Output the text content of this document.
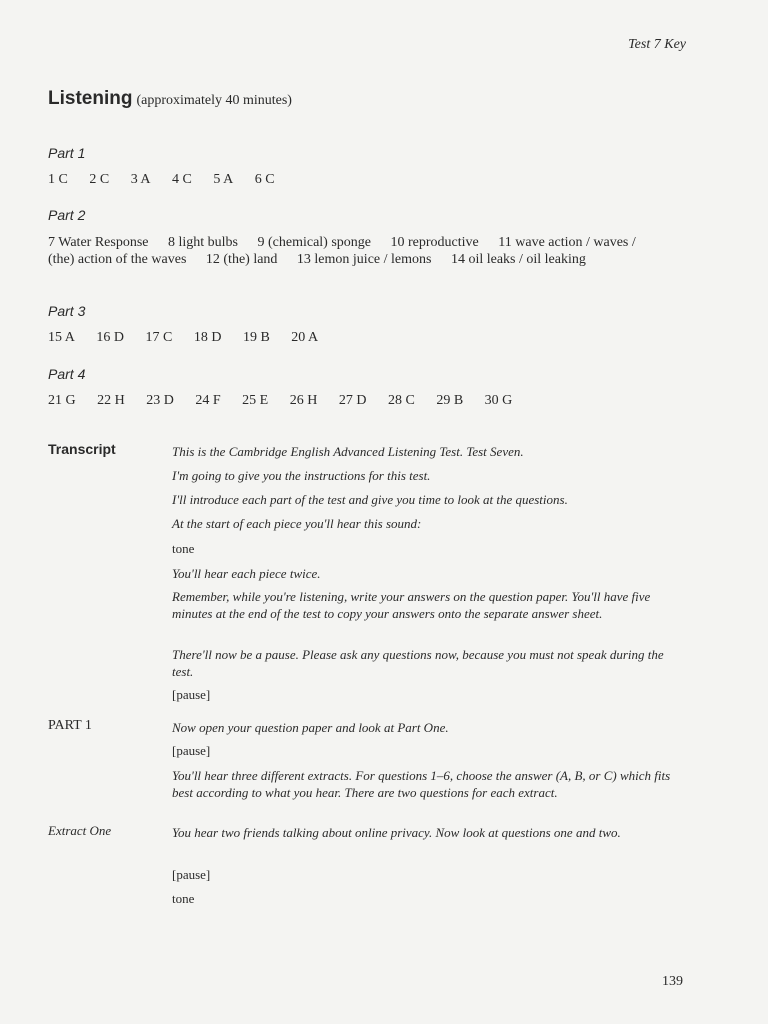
Test 7 Key
Listening (approximately 40 minutes)
Part 1
1 C 2 C 3 A 4 C 5 A 6 C
Part 2
7 Water Response 8 light bulbs 9 (chemical) sponge 10 reproductive 11 wave action / waves / (the) action of the waves 12 (the) land 13 lemon juice / lemons 14 oil leaks / oil leaking
Part 3
15 A 16 D 17 C 18 D 19 B 20 A
Part 4
21 G 22 H 23 D 24 F 25 E 26 H 27 D 28 C 29 B 30 G
Transcript	This is the Cambridge English Advanced Listening Test. Test Seven.
I'm going to give you the instructions for this test.
I'll introduce each part of the test and give you time to look at the questions.
At the start of each piece you'll hear this sound:
tone
You'll hear each piece twice.
Remember, while you're listening, write your answers on the question paper. You'll have five minutes at the end of the test to copy your answers onto the separate answer sheet.
There'll now be a pause. Please ask any questions now, because you must not speak during the test.
[pause]
PART 1	Now open your question paper and look at Part One.
[pause]
You'll hear three different extracts. For questions 1–6, choose the answer (A, B, or C) which fits best according to what you hear. There are two questions for each extract.
Extract One	You hear two friends talking about online privacy. Now look at questions one and two.
[pause]
tone
139
